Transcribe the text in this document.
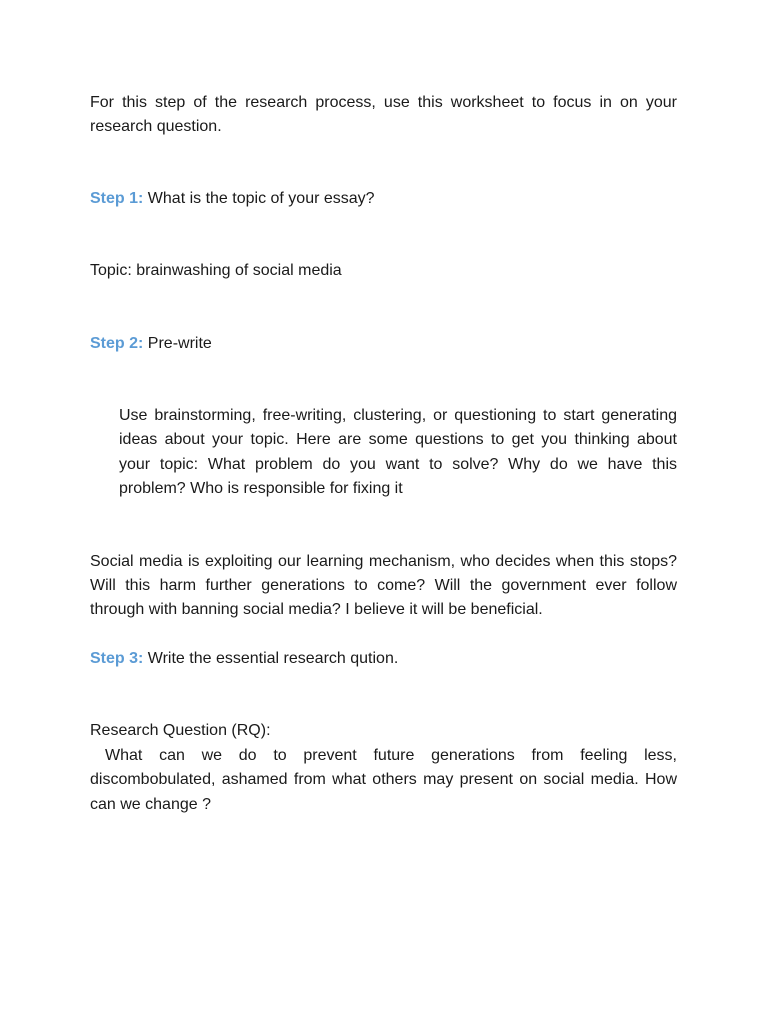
For this step of the research process, use this worksheet to focus in on your research question.

Step 1: What is the topic of your essay?

Topic: brainwashing of social media

Step 2: Pre-write

Use brainstorming, free-writing, clustering, or questioning to start generating ideas about your topic. Here are some questions to get you thinking about your topic: What problem do you want to solve? Why do we have this problem? Who is responsible for fixing it

Social media is exploiting our learning mechanism, who decides when this stops? Will this harm further generations to come? Will the government ever follow through with banning social media? I believe it will be beneficial.

Step 3: Write the essential research qution.

Research Question (RQ):

What can we do to prevent future generations from feeling less, discombobulated, ashamed from what others may present on social media. How can we change ?
